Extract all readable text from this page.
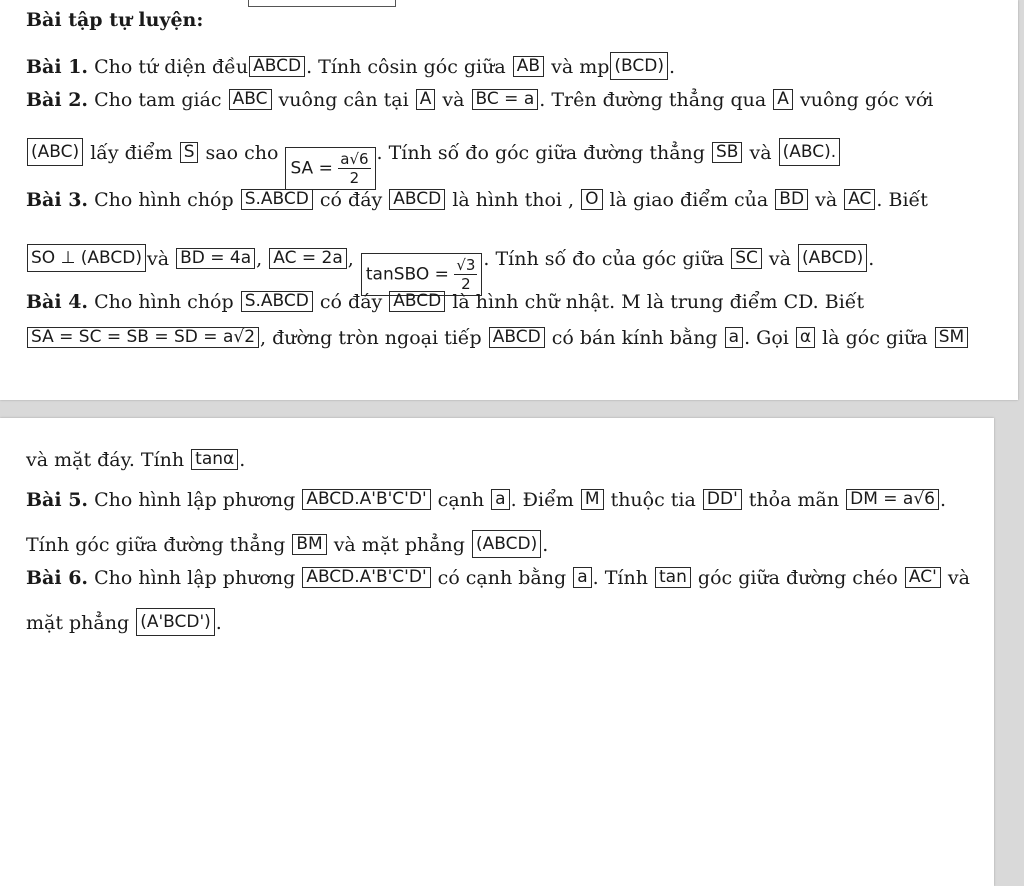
Bài tập tự luyện:
Bài 1. Cho tứ diện đều ABCD . Tính côsin góc giữa AB và mp (BCD) .
Bài 2. Cho tam giác ABC vuông cân tại A và BC = a . Trên đường thẳng qua A vuông góc với
(ABC) lấy điểm S sao cho SA = $\frac{a√6}{2}$ . Tính số đo góc giữa đường thẳng SB và (ABC).
Bài 3. Cho hình chóp S.ABCD có đáy ABCD là hình thoi , O là giao điểm của BD và AC . Biết
SO ⊥ (ABCD) và BD = 4a , AC = 2a , tanSBO = $\frac{√3}{2}$ . Tính số đo của góc giữa SC và (ABCD) .
Bài 4. Cho hình chóp S.ABCD có đáy ABCD là hình chữ nhật. M là trung điểm CD. Biết
SA = SC = SB = SD = a√2 , đường tròn ngoại tiếp ABCD có bán kính bằng a . Gọi α là góc giữa SM
và mặt đáy. Tính tanα .
Bài 5. Cho hình lập phương ABCD.A'B'C'D' cạnh a . Điểm M thuộc tia DD' thỏa mãn DM = a√6 .
Tính góc giữa đường thẳng BM và mặt phẳng (ABCD) .
Bài 6. Cho hình lập phương ABCD.A'B'C'D' có cạnh bằng a . Tính tan góc giữa đường chéo AC' và
mặt phẳng (A'BCD') .
